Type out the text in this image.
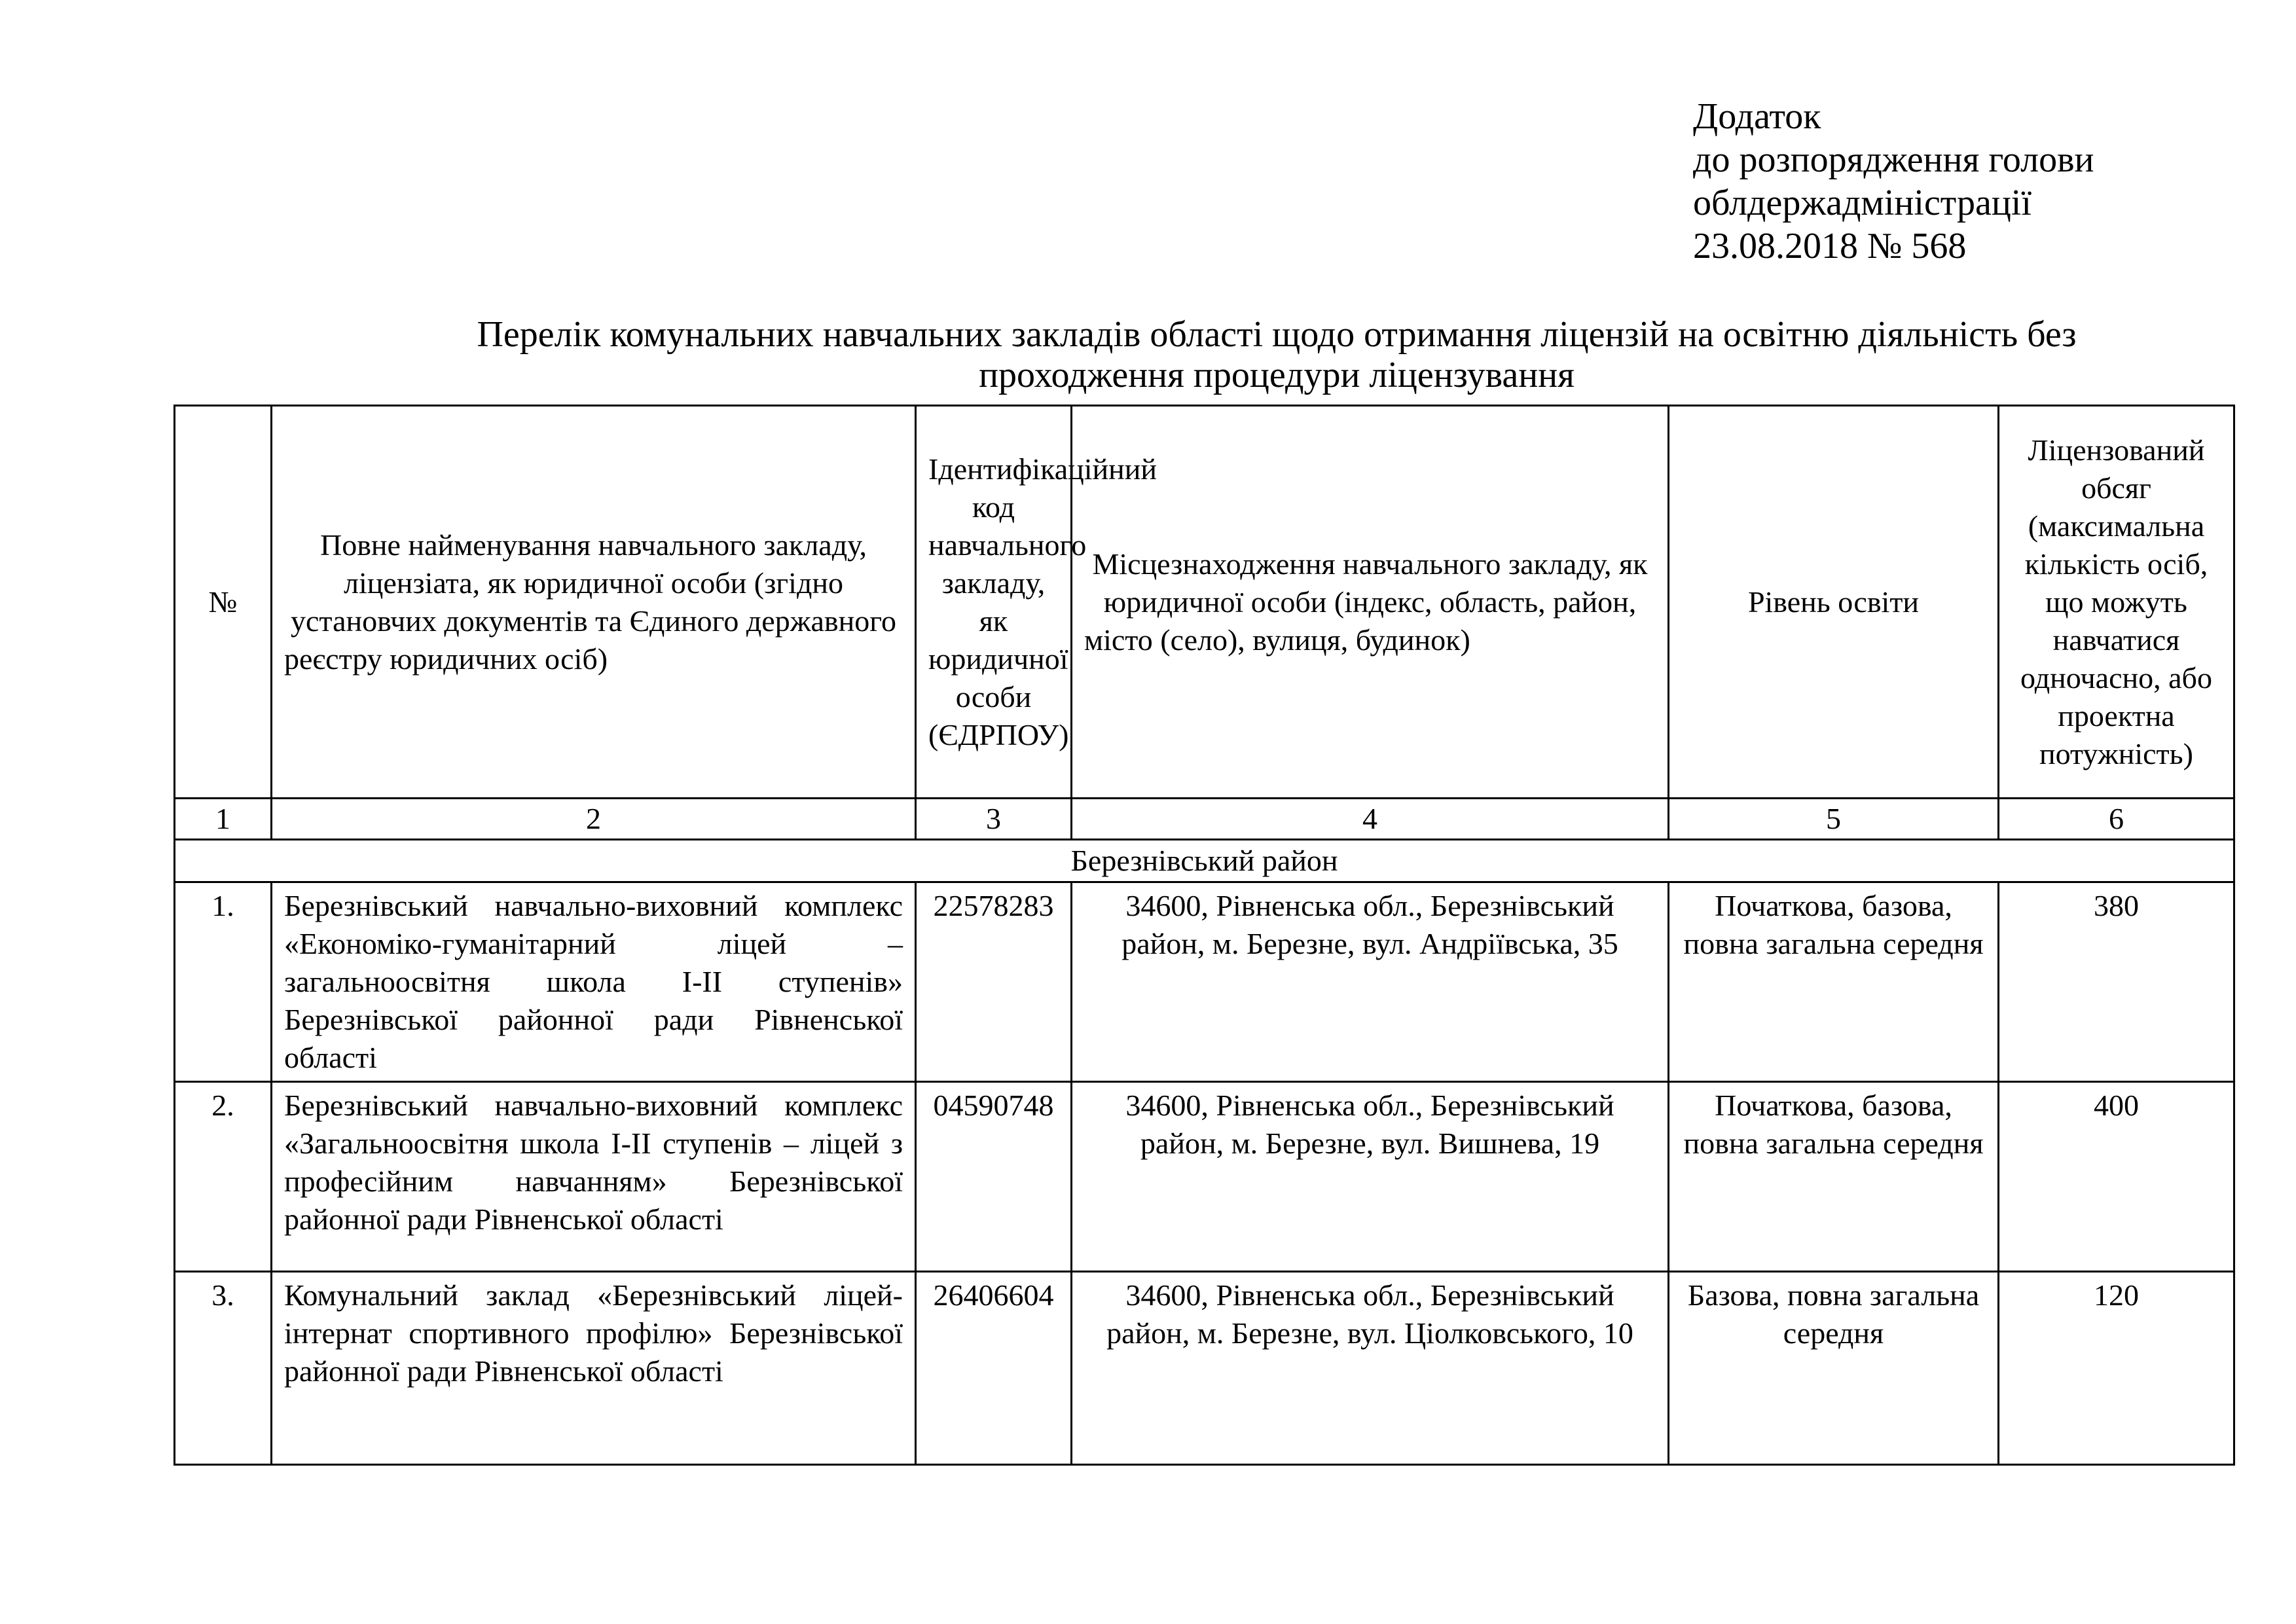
Додаток
до розпорядження голови
облдержадміністрації
23.08.2018 № 568
Перелік комунальних навчальних закладів області щодо отримання ліцензій на освітню діяльність без
проходження процедури ліцензування
№	Повне найменування навчального закладу, ліцензіата, як юридичної особи (згідно установчих документів та Єдиного державного реєстру юридичних осіб)	Ідентифікаційний код навчального закладу, як юридичної особи (ЄДРПОУ)	Місцезнаходження навчального закладу, як юридичної особи (індекс, область, район, місто (село), вулиця, будинок)	Рівень освіти	Ліцензований обсяг (максимальна кількість осіб, що можуть навчатися одночасно, або проектна потужність)
1	2	3	4	5	6
Березнівський район					
1.	Березнівський навчально-виховний комплекс «Економіко-гуманітарний ліцей – загальноосвітня школа І-ІІ ступенів» Березнівської районної ради Рівненської області	22578283	34600, Рівненська обл., Березнівський район, м. Березне, вул. Андріївська, 35	Початкова, базова, повна загальна середня	380
2.	Березнівський навчально-виховний комплекс «Загальноосвітня школа І-ІІ ступенів – ліцей з професійним навчанням» Березнівської районної ради Рівненської області	04590748	34600, Рівненська обл., Березнівський район, м. Березне, вул. Вишнева, 19	Початкова, базова, повна загальна середня	400
3.	Комунальний заклад «Березнівський ліцей-інтернат спортивного профілю» Березнівської районної ради Рівненської області	26406604	34600, Рівненська обл., Березнівський район, м. Березне, вул. Ціолковського, 10	Базова, повна загальна середня	120
